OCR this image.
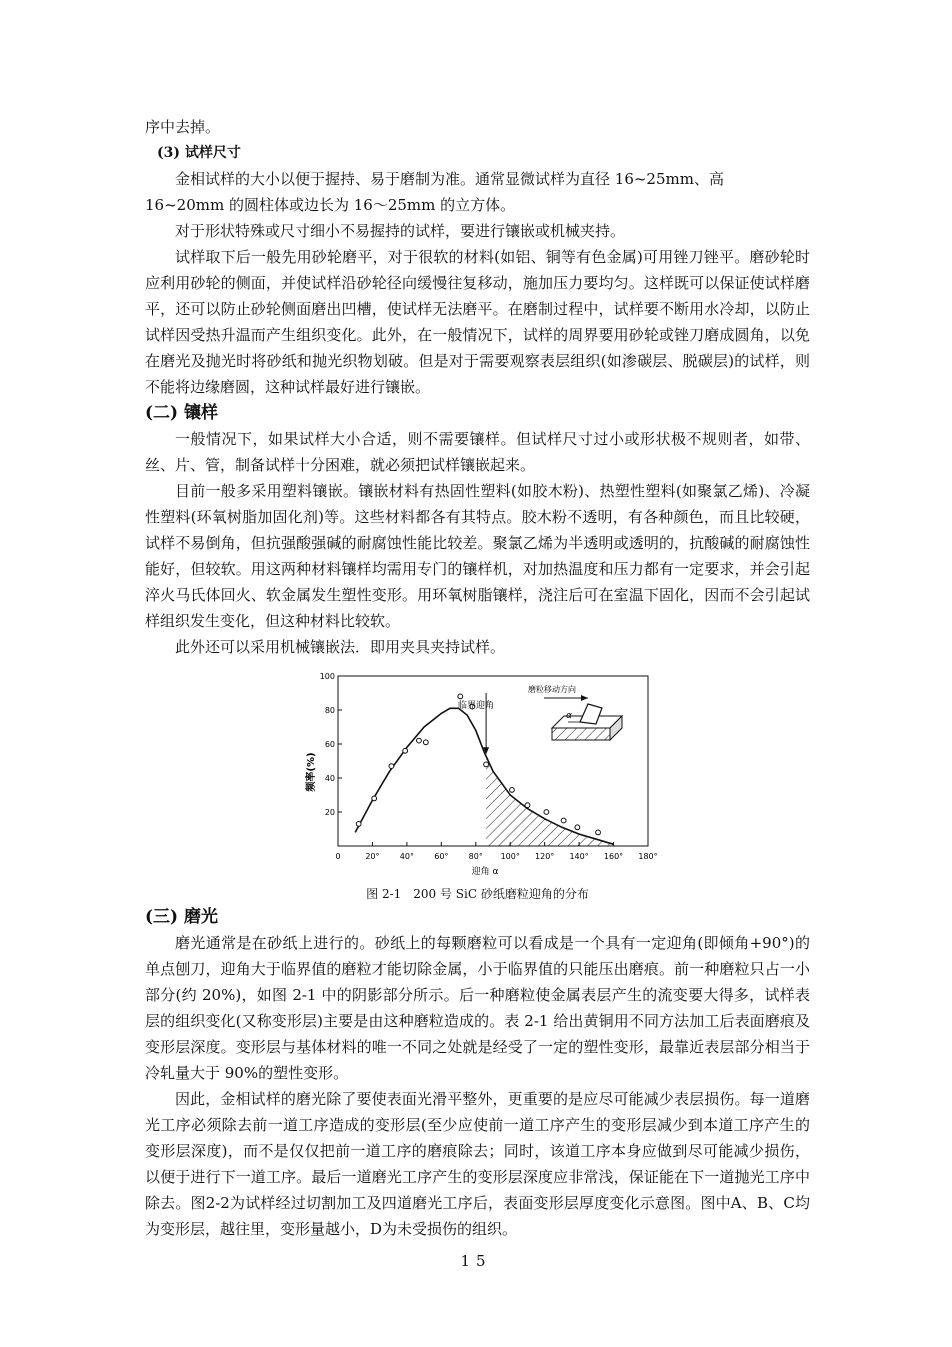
序中去掉。

(3) 试样尺寸

金相试样的大小以便于握持、易于磨制为准。通常显微试样为直径 16~25mm、高

16~20mm 的圆柱体或边长为 16～25mm 的立方体。

对于形状特殊或尺寸细小不易握持的试样，要进行镶嵌或机械夹持。

试样取下后一般先用砂轮磨平，对于很软的材料(如铝、铜等有色金属)可用锉刀锉平。磨砂轮时应利用砂轮的侧面，并使试样沿砂轮径向缓慢往复移动，施加压力要均匀。这样既可以保证使试样磨平，还可以防止砂轮侧面磨出凹槽，使试样无法磨平。在磨制过程中，试样要不断用水冷却，以防止试样因受热升温而产生组织变化。此外，在一般情况下，试样的周界要用砂轮或锉刀磨成圆角，以免在磨光及抛光时将砂纸和抛光织物划破。但是对于需要观察表层组织(如渗碳层、脱碳层)的试样，则不能将边缘磨圆，这种试样最好进行镶嵌。

(二) 镶样

一般情况下，如果试样大小合适，则不需要镶样。但试样尺寸过小或形状极不规则者，如带、丝、片、管，制备试样十分困难，就必须把试样镶嵌起来。

目前一般多采用塑料镶嵌。镶嵌材料有热固性塑料(如胶木粉)、热塑性塑料(如聚氯乙烯)、冷凝性塑料(环氧树脂加固化剂)等。这些材料都各有其特点。胶木粉不透明，有各种颜色，而且比较硬，试样不易倒角，但抗强酸强碱的耐腐蚀性能比较差。聚氯乙烯为半透明或透明的，抗酸碱的耐腐蚀性能好，但较软。用这两种材料镶样均需用专门的镶样机，对加热温度和压力都有一定要求，并会引起淬火马氏体回火、软金属发生塑性变形。用环氧树脂镶样，浇注后可在室温下固化，因而不会引起试样组织发生变化，但这种材料比较软。

此外还可以采用机械镶嵌法．即用夹具夹持试样。

0	20°	40°	60°	80° 100° 120° 140° 160° 180°
20
40
60
80
100
频率(%)
迎角 α
临界迎角
磨粒移动方向
α
图 2-1　200 号 SiC 砂纸磨粒迎角的分布

(三) 磨光

磨光通常是在砂纸上进行的。砂纸上的每颗磨粒可以看成是一个具有一定迎角(即倾角+90°)的单点刨刀，迎角大于临界值的磨粒才能切除金属，小于临界值的只能压出磨痕。前一种磨粒只占一小部分(约 20%)，如图 2-1 中的阴影部分所示。后一种磨粒使金属表层产生的流变要大得多，试样表层的组织变化(又称变形层)主要是由这种磨粒造成的。表 2-1 给出黄铜用不同方法加工后表面磨痕及变形层深度。变形层与基体材料的唯一不同之处就是经受了一定的塑性变形，最靠近表层部分相当于冷轧量大于 90%的塑性变形。

因此，金相试样的磨光除了要使表面光滑平整外，更重要的是应尽可能减少表层损伤。每一道磨光工序必须除去前一道工序造成的变形层(至少应使前一道工序产生的变形层减少到本道工序产生的变形层深度)，而不是仅仅把前一道工序的磨痕除去；同时，该道工序本身应做到尽可能减少损伤，以便于进行下一道工序。最后一道磨光工序产生的变形层深度应非常浅，保证能在下一道抛光工序中除去。图2-2为试样经过切割加工及四道磨光工序后，表面变形层厚度变化示意图。图中A、B、C均为变形层，越往里，变形量越小，D为未受损伤的组织。

15
